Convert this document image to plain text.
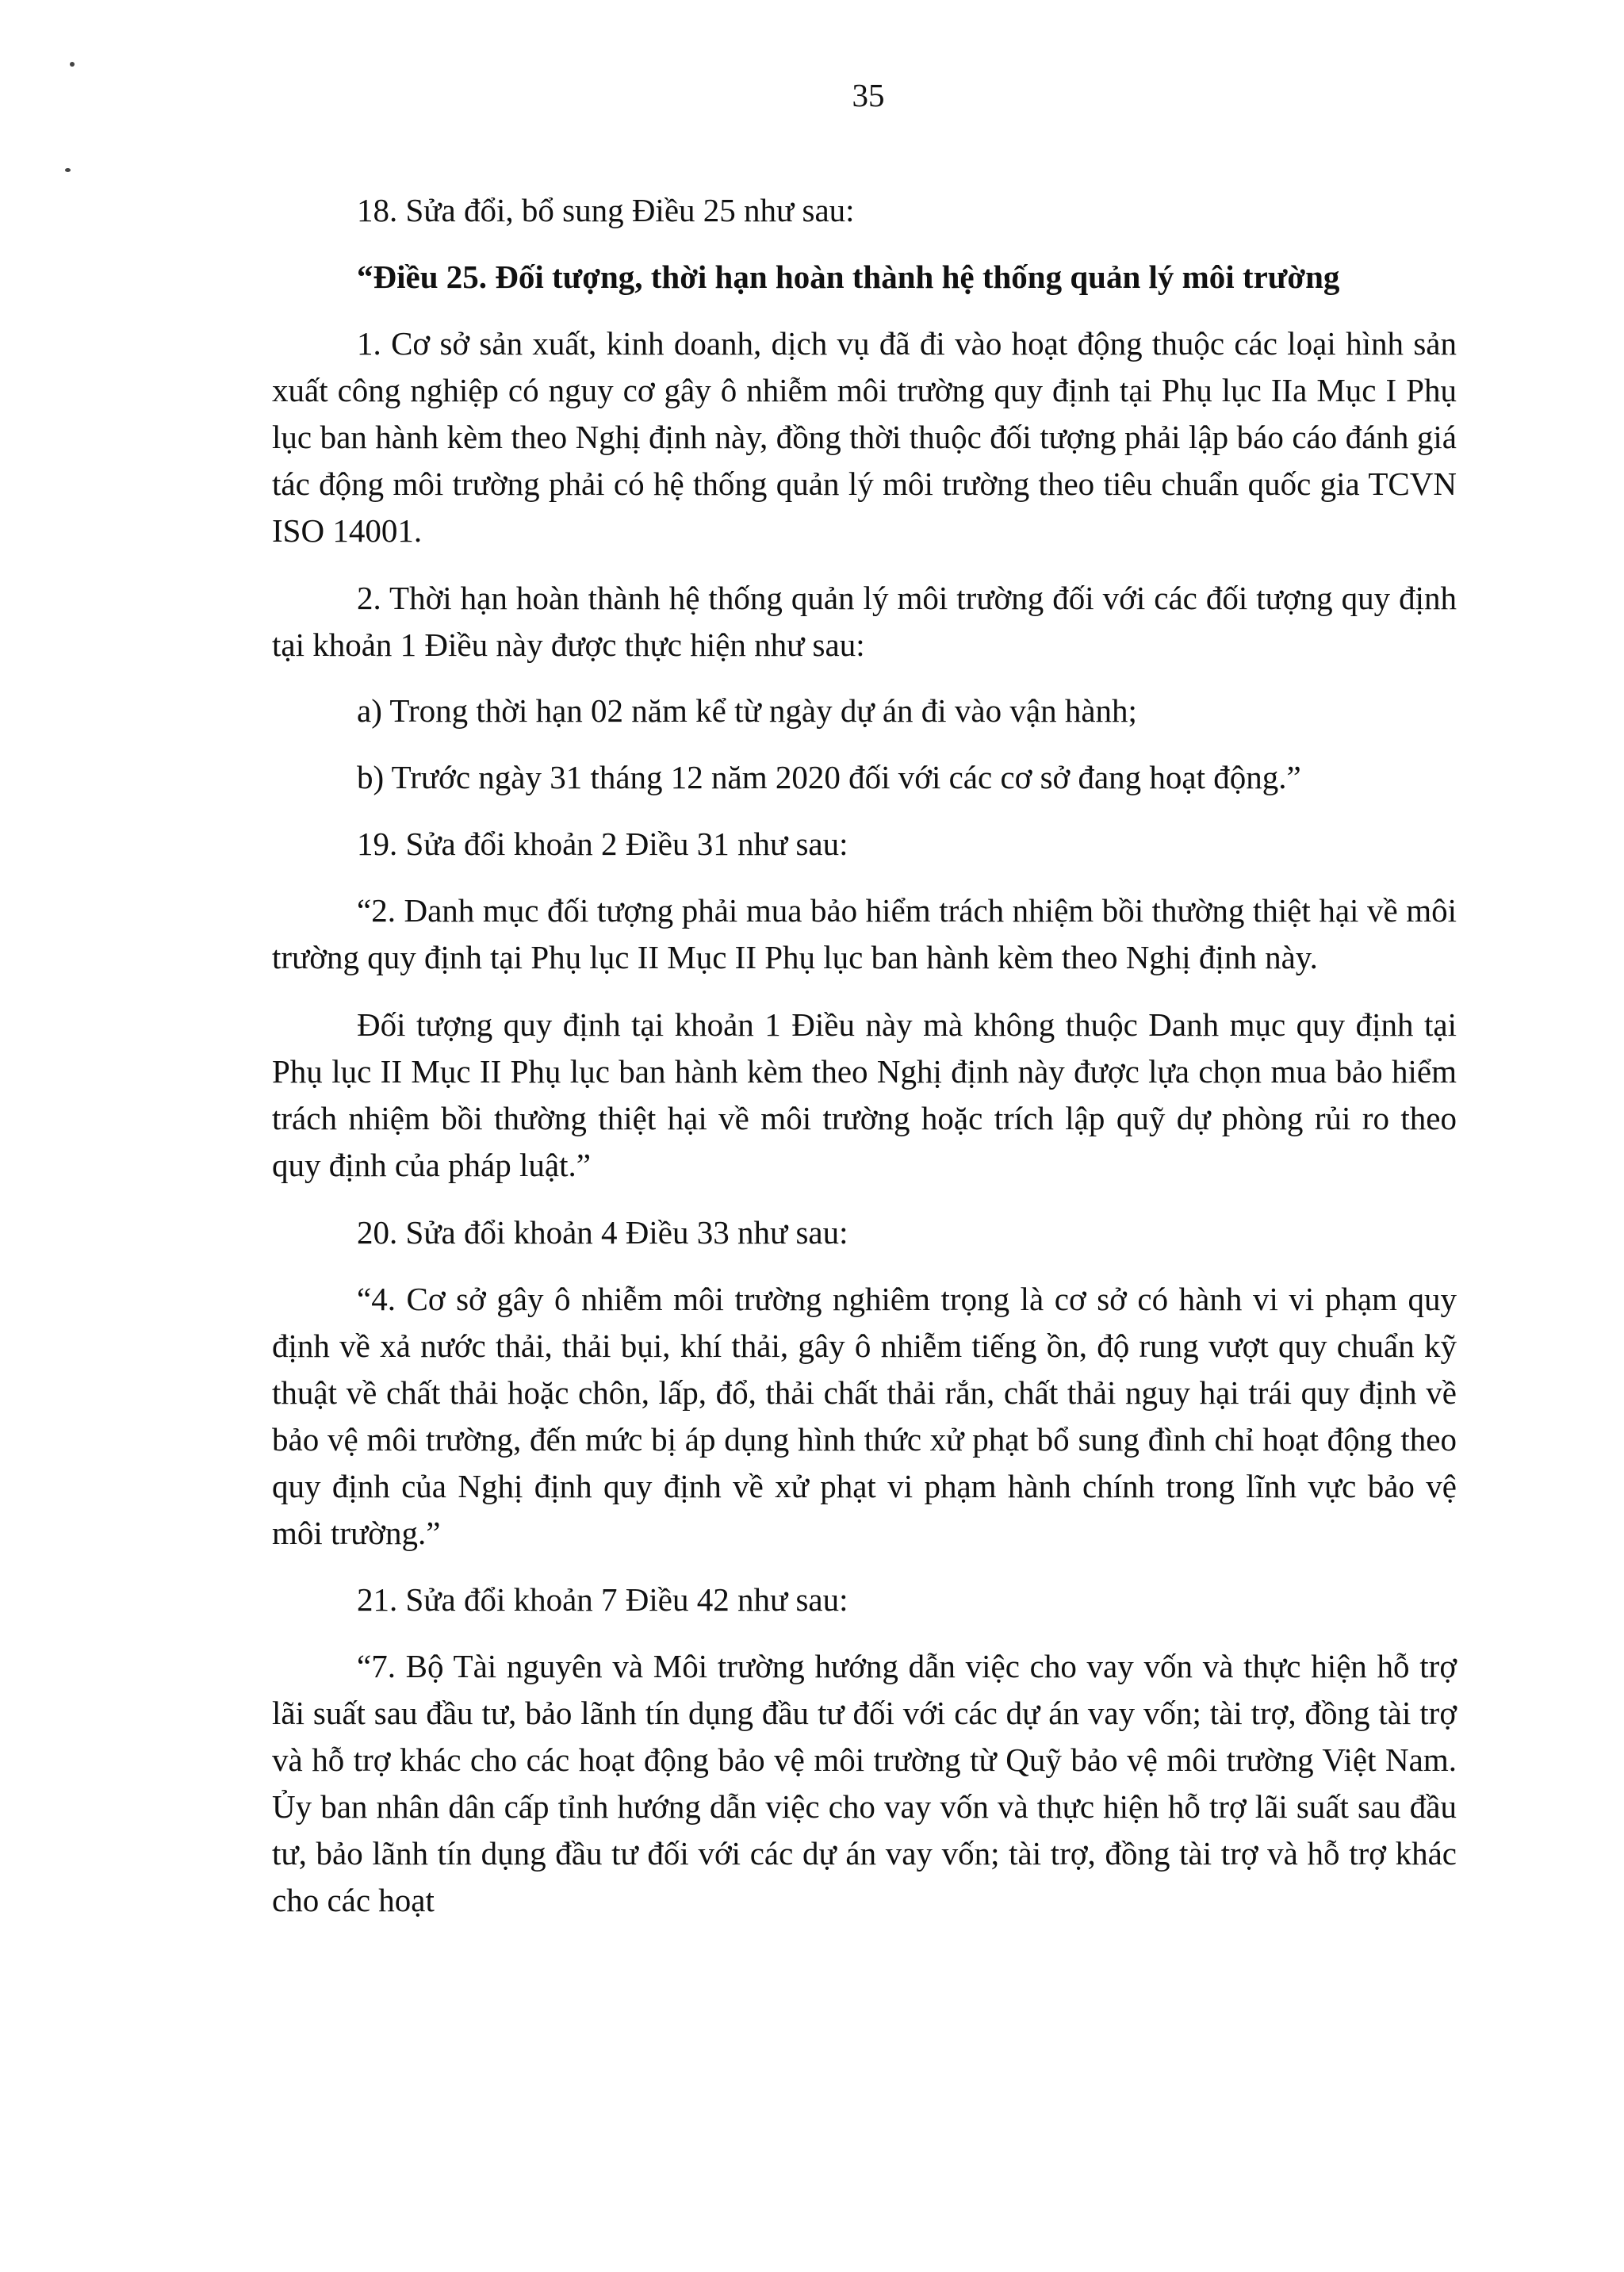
35

18. Sửa đổi, bổ sung Điều 25 như sau:

“Điều 25. Đối tượng, thời hạn hoàn thành hệ thống quản lý môi trường

1. Cơ sở sản xuất, kinh doanh, dịch vụ đã đi vào hoạt động thuộc các loại hình sản xuất công nghiệp có nguy cơ gây ô nhiễm môi trường quy định tại Phụ lục IIa Mục I Phụ lục ban hành kèm theo Nghị định này, đồng thời thuộc đối tượng phải lập báo cáo đánh giá tác động môi trường phải có hệ thống quản lý môi trường theo tiêu chuẩn quốc gia TCVN ISO 14001.

2. Thời hạn hoàn thành hệ thống quản lý môi trường đối với các đối tượng quy định tại khoản 1 Điều này được thực hiện như sau:

a) Trong thời hạn 02 năm kể từ ngày dự án đi vào vận hành;

b) Trước ngày 31 tháng 12 năm 2020 đối với các cơ sở đang hoạt động.”

19. Sửa đổi khoản 2 Điều 31 như sau:

“2. Danh mục đối tượng phải mua bảo hiểm trách nhiệm bồi thường thiệt hại về môi trường quy định tại Phụ lục II Mục II Phụ lục ban hành kèm theo Nghị định này.

Đối tượng quy định tại khoản 1 Điều này mà không thuộc Danh mục quy định tại Phụ lục II Mục II Phụ lục ban hành kèm theo Nghị định này được lựa chọn mua bảo hiểm trách nhiệm bồi thường thiệt hại về môi trường hoặc trích lập quỹ dự phòng rủi ro theo quy định của pháp luật.”

20. Sửa đổi khoản 4 Điều 33 như sau:

“4. Cơ sở gây ô nhiễm môi trường nghiêm trọng là cơ sở có hành vi vi phạm quy định về xả nước thải, thải bụi, khí thải, gây ô nhiễm tiếng ồn, độ rung vượt quy chuẩn kỹ thuật về chất thải hoặc chôn, lấp, đổ, thải chất thải rắn, chất thải nguy hại trái quy định về bảo vệ môi trường, đến mức bị áp dụng hình thức xử phạt bổ sung đình chỉ hoạt động theo quy định của Nghị định quy định về xử phạt vi phạm hành chính trong lĩnh vực bảo vệ môi trường.”

21. Sửa đổi khoản 7 Điều 42 như sau:

“7. Bộ Tài nguyên và Môi trường hướng dẫn việc cho vay vốn và thực hiện hỗ trợ lãi suất sau đầu tư, bảo lãnh tín dụng đầu tư đối với các dự án vay vốn; tài trợ, đồng tài trợ và hỗ trợ khác cho các hoạt động bảo vệ môi trường từ Quỹ bảo vệ môi trường Việt Nam. Ủy ban nhân dân cấp tỉnh hướng dẫn việc cho vay vốn và thực hiện hỗ trợ lãi suất sau đầu tư, bảo lãnh tín dụng đầu tư đối với các dự án vay vốn; tài trợ, đồng tài trợ và hỗ trợ khác cho các hoạt
